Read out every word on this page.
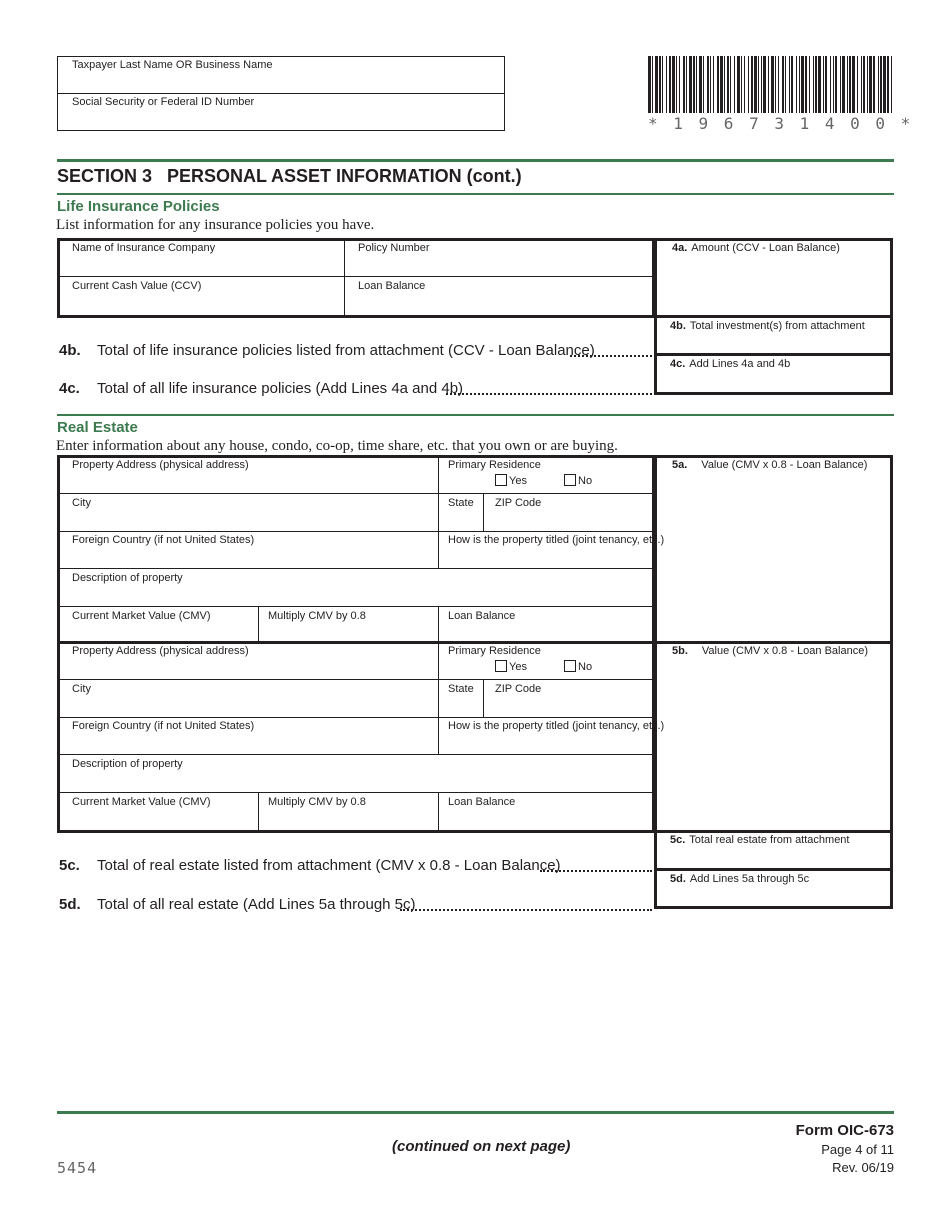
Taxpayer Last Name OR Business Name
Social Security or Federal ID Number
* 1 9 6 7 3 1 4 0 0 *
SECTION 3 PERSONAL ASSET INFORMATION (cont.)
Life Insurance Policies
List information for any insurance policies you have.
Name of Insurance Company	Policy Number
Current Cash Value (CCV)	Loan Balance
4a. Amount (CCV - Loan Balance)
4b. Total investment(s) from attachment
4c. Add Lines 4a and 4b
4b. Total of life insurance policies listed from attachment (CCV - Loan Balance)
4c. Total of all life insurance policies (Add Lines 4a and 4b)
Real Estate
Enter information about any house, condo, co-op, time share, etc. that you own or are buying.
Property Address (physical address)	Primary Residence
Yes	No
City	State ZIP Code
Foreign Country (if not United States)	How is the property titled (joint tenancy, etc.)
Description of property
Current Market Value (CMV)	Multiply CMV by 0.8	Loan Balance
5a. Value (CMV x 0.8 - Loan Balance)
Property Address (physical address)	Primary Residence
Yes	No
City	State ZIP Code
Foreign Country (if not United States)	How is the property titled (joint tenancy, etc.)
Description of property
Current Market Value (CMV)	Multiply CMV by 0.8	Loan Balance
5b. Value (CMV x 0.8 - Loan Balance)
5c. Total real estate from attachment
5d. Add Lines 5a through 5c
5c. Total of real estate listed from attachment (CMV x 0.8 - Loan Balance)
5d. Total of all real estate (Add Lines 5a through 5c)
(continued on next page)
Form OIC-673
Page 4 of 11
Rev. 06/19
5454
